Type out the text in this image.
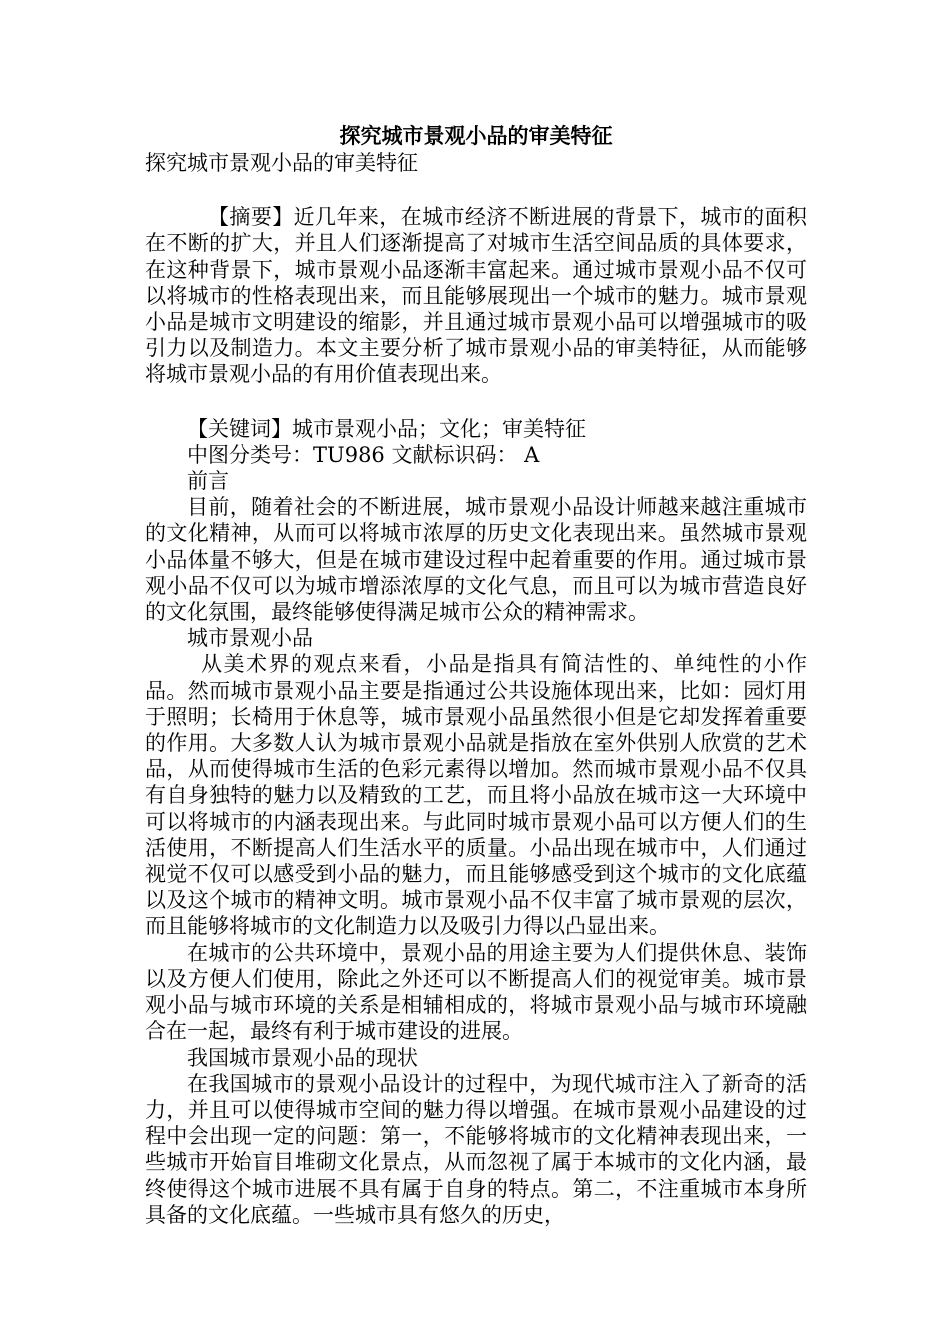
探究城市景观小品的审美特征

探究城市景观小品的审美特征

【摘要】近几年来，在城市经济不断进展的背景下，城市的面积在不断的扩大，并且人们逐渐提高了对城市生活空间品质的具体要求，在这种背景下，城市景观小品逐渐丰富起来。通过城市景观小品不仅可以将城市的性格表现出来，而且能够展现出一个城市的魅力。城市景观小品是城市文明建设的缩影，并且通过城市景观小品可以增强城市的吸引力以及制造力。本文主要分析了城市景观小品的审美特征，从而能够将城市景观小品的有用价值表现出来。

【关键词】城市景观小品；文化；审美特征

中图分类号：TU986 文献标识码： A

前言

目前，随着社会的不断进展，城市景观小品设计师越来越注重城市的文化精神，从而可以将城市浓厚的历史文化表现出来。虽然城市景观小品体量不够大，但是在城市建设过程中起着重要的作用。通过城市景观小品不仅可以为城市增添浓厚的文化气息，而且可以为城市营造良好的文化氛围，最终能够使得满足城市公众的精神需求。

城市景观小品

从美术界的观点来看，小品是指具有简洁性的、单纯性的小作品。然而城市景观小品主要是指通过公共设施体现出来，比如：园灯用于照明；长椅用于休息等，城市景观小品虽然很小但是它却发挥着重要的作用。大多数人认为城市景观小品就是指放在室外供别人欣赏的艺术品，从而使得城市生活的色彩元素得以增加。然而城市景观小品不仅具有自身独特的魅力以及精致的工艺，而且将小品放在城市这一大环境中可以将城市的内涵表现出来。与此同时城市景观小品可以方便人们的生活使用，不断提高人们生活水平的质量。小品出现在城市中，人们通过视觉不仅可以感受到小品的魅力，而且能够感受到这个城市的文化底蕴以及这个城市的精神文明。城市景观小品不仅丰富了城市景观的层次，而且能够将城市的文化制造力以及吸引力得以凸显出来。

在城市的公共环境中，景观小品的用途主要为人们提供休息、装饰以及方便人们使用，除此之外还可以不断提高人们的视觉审美。城市景观小品与城市环境的关系是相辅相成的，将城市景观小品与城市环境融合在一起，最终有利于城市建设的进展。

我国城市景观小品的现状

在我国城市的景观小品设计的过程中，为现代城市注入了新奇的活力，并且可以使得城市空间的魅力得以增强。在城市景观小品建设的过程中会出现一定的问题：第一，不能够将城市的文化精神表现出来，一些城市开始盲目堆砌文化景点，从而忽视了属于本城市的文化内涵，最终使得这个城市进展不具有属于自身的特点。第二，不注重城市本身所具备的文化底蕴。一些城市具有悠久的历史，
